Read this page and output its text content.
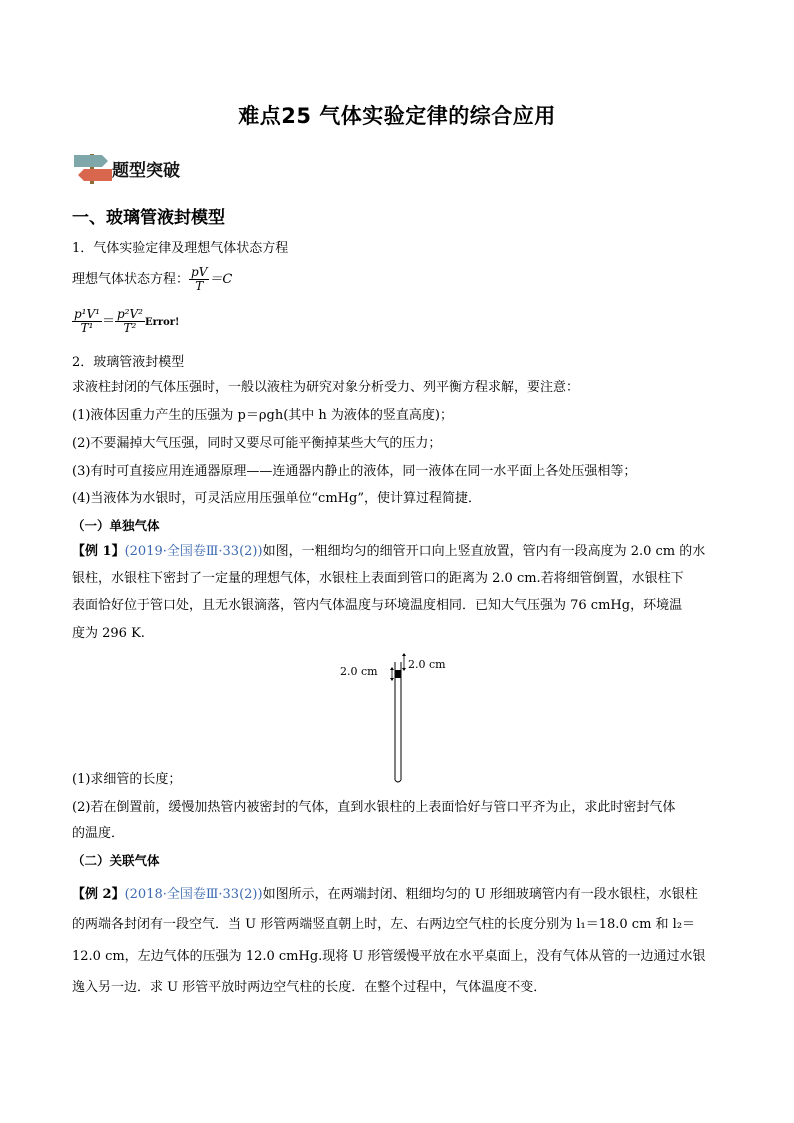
难点25 气体实验定律的综合应用
题型突破
一、玻璃管液封模型
1．气体实验定律及理想气体状态方程
理想气体状态方程： $\frac{pV}{T} =C$
$\frac{\text{p¹V¹}}{\text{T¹}} = \frac{\text{p²V²}}{\text{T²}}$ Error!
2．玻璃管液封模型
求液柱封闭的气体压强时，一般以液柱为研究对象分析受力、列平衡方程求解，要注意：
(1)液体因重力产生的压强为 p＝ρgh(其中 h 为液体的竖直高度)；
(2)不要漏掉大气压强，同时又要尽可能平衡掉某些大气的压力；
(3)有时可直接应用连通器原理——连通器内静止的液体，同一液体在同一水平面上各处压强相等；
(4)当液体为水银时，可灵活应用压强单位“cmHg”，使计算过程简捷．
（一）单独气体
【例 1】(2019·全国卷Ⅲ·33(2))如图，一粗细均匀的细管开口向上竖直放置，管内有一段高度为 2.0 cm 的水
银柱，水银柱下密封了一定量的理想气体，水银柱上表面到管口的距离为 2.0 cm.若将细管倒置，水银柱下
表面恰好位于管口处，且无水银滴落，管内气体温度与环境温度相同．已知大气压强为 76 cmHg，环境温
度为 296 K.
2.0 cm
2.0 cm
(1)求细管的长度；
(2)若在倒置前，缓慢加热管内被密封的气体，直到水银柱的上表面恰好与管口平齐为止，求此时密封气体
的温度．
（二）关联气体
【例 2】(2018·全国卷Ⅲ·33(2))如图所示，在两端封闭、粗细均匀的 U 形细玻璃管内有一段水银柱，水银柱
的两端各封闭有一段空气．当 U 形管两端竖直朝上时，左、右两边空气柱的长度分别为 l₁＝18.0 cm 和 l₂＝
12.0 cm，左边气体的压强为 12.0 cmHg.现将 U 形管缓慢平放在水平桌面上，没有气体从管的一边通过水银
逸入另一边．求 U 形管平放时两边空气柱的长度．在整个过程中，气体温度不变．
